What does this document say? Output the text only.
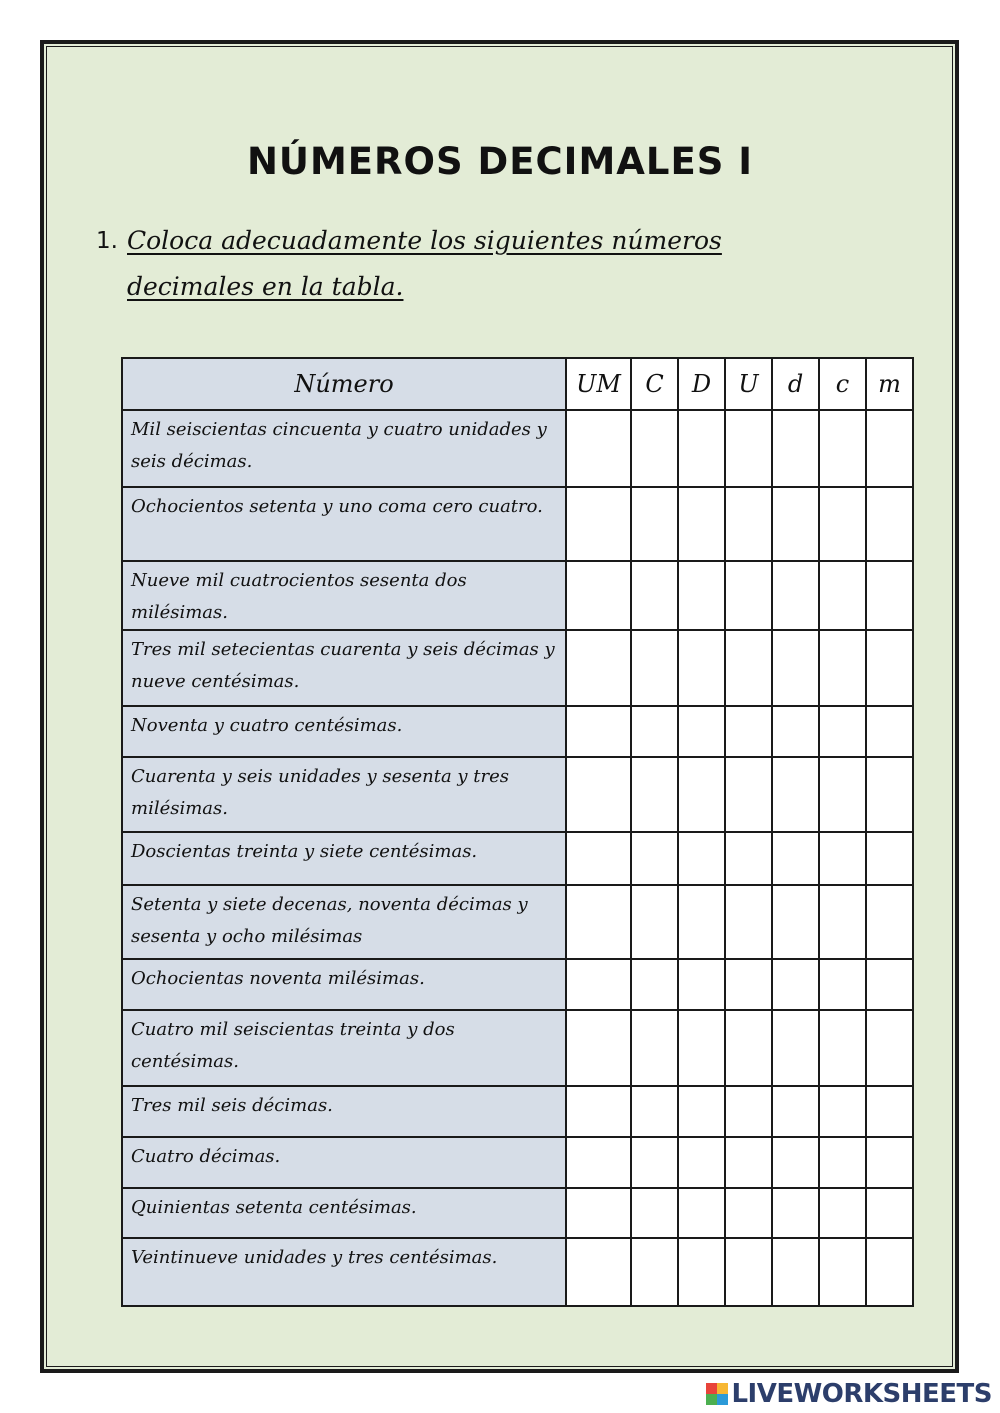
NÚMEROS DECIMALES I
1. Coloca adecuadamente los siguientes números decimales en la tabla.
Número	UM	C	D	U	d	c	m
Mil seiscientas cincuenta y cuatro unidades y seis décimas.							
Ochocientos setenta y uno coma cero cuatro.							
Nueve mil cuatrocientos sesenta dos milésimas.							
Tres mil setecientas cuarenta y seis décimas y nueve centésimas.							
Noventa y cuatro centésimas.							
Cuarenta y seis unidades y sesenta y tres milésimas.							
Doscientas treinta y siete centésimas.							
Setenta y siete decenas, noventa décimas y sesenta y ocho milésimas							
Ochocientas noventa milésimas.							
Cuatro mil seiscientas treinta y dos centésimas.							
Tres mil seis décimas.							
Cuatro décimas.							
Quinientas setenta centésimas.							
Veintinueve unidades y tres centésimas.							
LIVEWORKSHEETS
